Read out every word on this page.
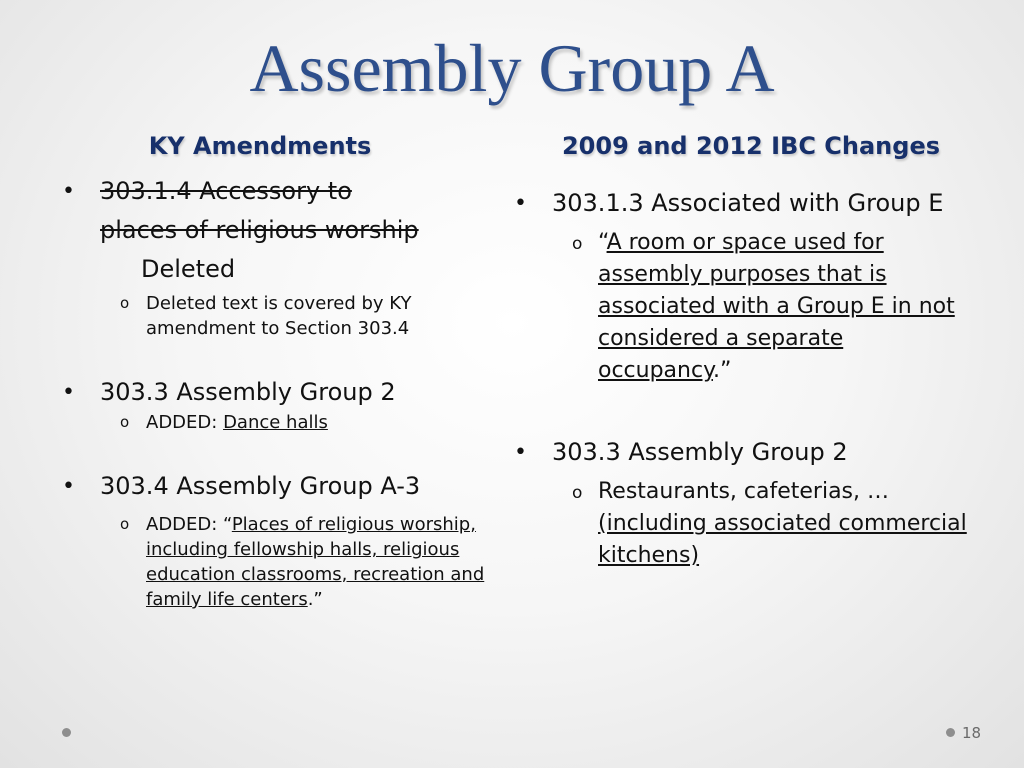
Assembly Group A
KY Amendments	2009 and 2012 IBC Changes
• 303.1.4 Accessory to
places of religious worship
Deleted
o Deleted text is covered by KY amendment to Section 303.4
• 303.3 Assembly Group 2
o ADDED: Dance halls
• 303.4 Assembly Group A-3
o ADDED: “Places of religious worship, including fellowship halls, religious education classrooms, recreation and family life centers.”
• 303.1.3 Associated with Group E
o “A room or space used for assembly purposes that is associated with a Group E in not considered a separate occupancy.”
• 303.3 Assembly Group 2
o Restaurants, cafeterias, … (including associated commercial kitchens)
18
